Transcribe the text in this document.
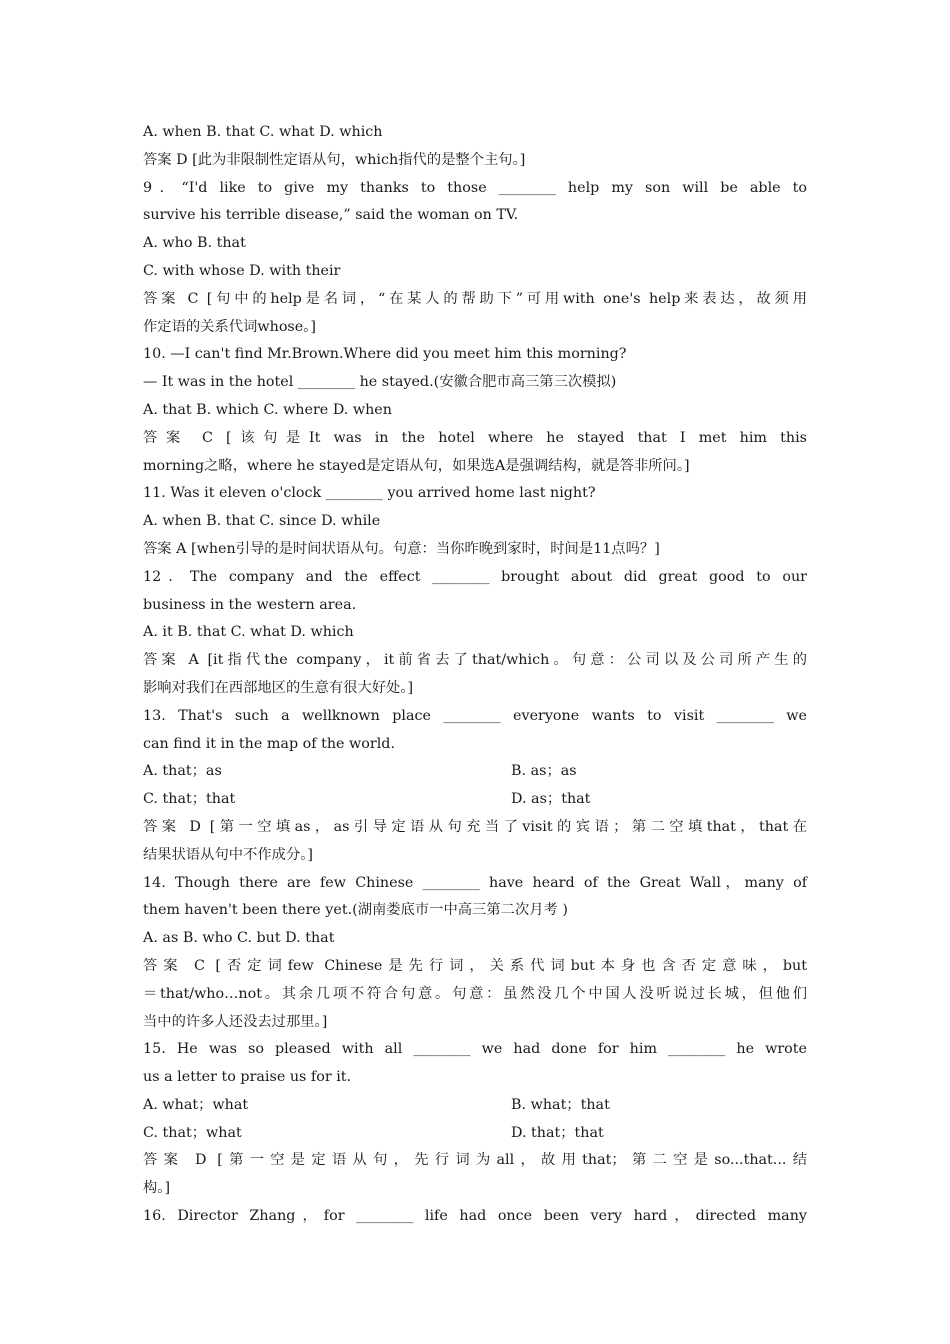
A. when B. that C. what D. which
答案 D [此为非限制性定语从句，which指代的是整个主句。]
9．“I'd like to give my thanks to those ________ help my son will be able to
survive his terrible disease,” said the woman on TV.
A. who B. that
C. with whose D. with their
答案 C [句中的help是名词，“在某人的帮助下”可用with one's help来表达，故须用
作定语的关系代词whose。]
10. —I can't find Mr.Brown.Where did you meet him this morning?
— It was in the hotel ________ he stayed.(安徽合肥市高三第三次模拟)
A. that B. which C. where D. when
答案 C [该句是It was in the hotel where he stayed that I met him this
morning之略，where he stayed是定语从句，如果选A是强调结构，就是答非所问。]
11. Was it eleven o'clock ________ you arrived home last night?
A. when B. that C. since D. while
答案 A [when引导的是时间状语从句。句意：当你昨晚到家时，时间是11点吗？]
12．The company and the effect ________ brought about did great good to our
business in the western area.
A. it B. that C. what D. which
答案 A [it指代the company，it前省去了that/which。句意：公司以及公司所产生的
影响对我们在西部地区的生意有很大好处。]
13. That's such a wellknown place ________ everyone wants to visit ________ we
can find it in the map of the world.
A. that；as	B. as；as
C. that；that	D. as；that
答案 D [第一空填as，as引导定语从句充当了visit的宾语；第二空填that，that在
结果状语从句中不作成分。]
14. Though there are few Chinese ________ have heard of the Great Wall，many of
them haven't been there yet.(湖南娄底市一中高三第二次月考 )
A. as B. who C. but D. that
答案 C [否定词few Chinese是先行词，关系代词but本身也含否定意味，but
＝that/who…not。其余几项不符合句意。句意：虽然没几个中国人没听说过长城，但他们
当中的许多人还没去过那里。]
15. He was so pleased with all ________ we had done for him ________ he wrote
us a letter to praise us for it.
A. what；what	B. what；that
C. that；what	D. that；that
答案 D [第一空是定语从句，先行词为all，故用that；第二空是so...that...结
构。]
16. Director Zhang，for ________ life had once been very hard，directed many
